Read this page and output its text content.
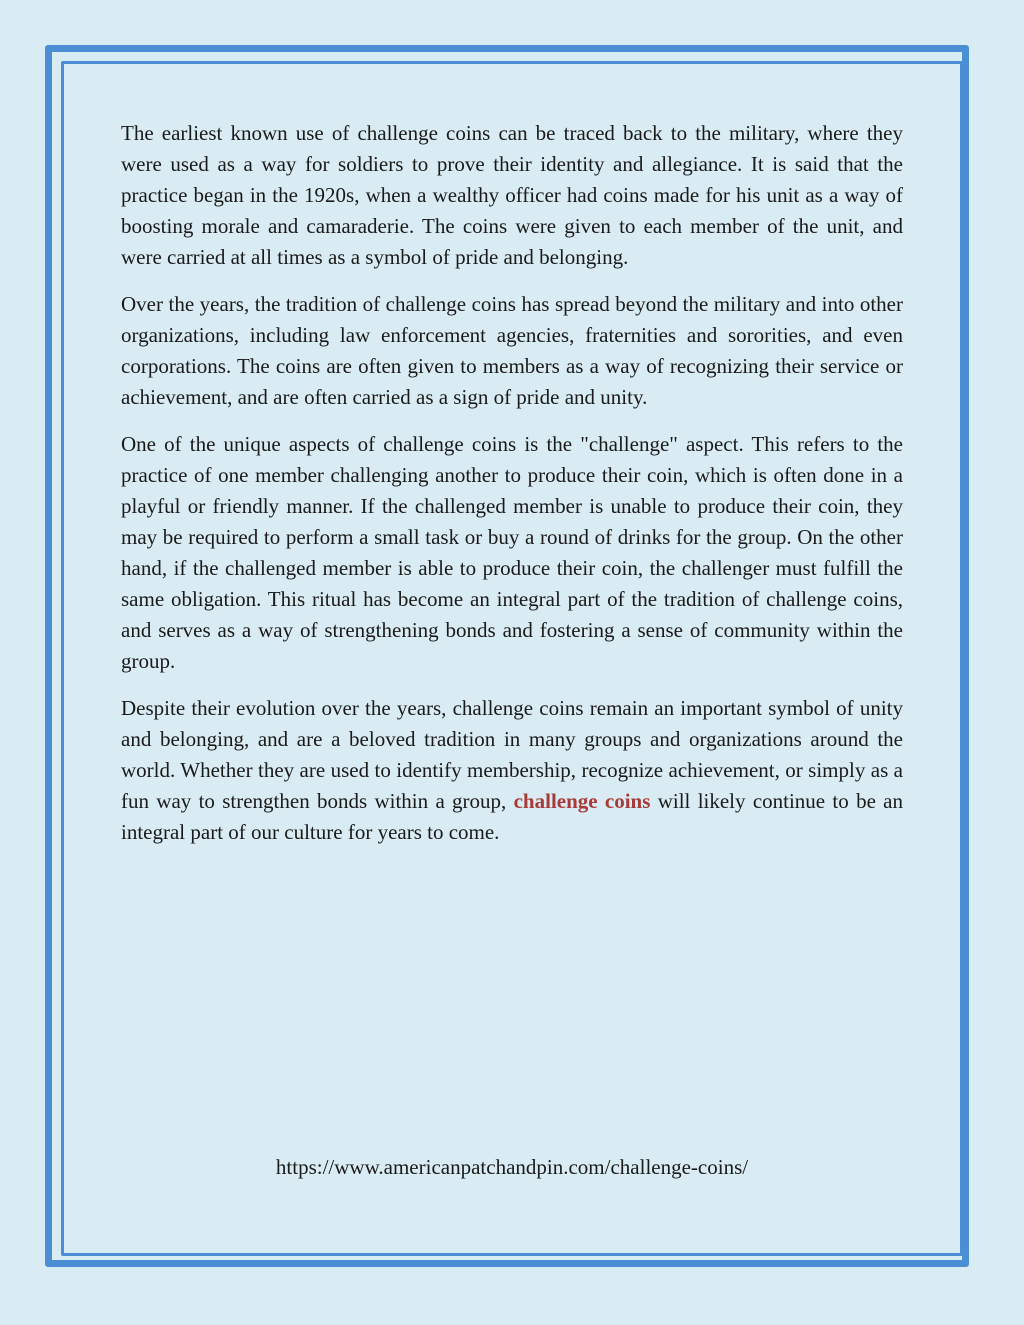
The earliest known use of challenge coins can be traced back to the military, where they were used as a way for soldiers to prove their identity and allegiance. It is said that the practice began in the 1920s, when a wealthy officer had coins made for his unit as a way of boosting morale and camaraderie. The coins were given to each member of the unit, and were carried at all times as a symbol of pride and belonging.

Over the years, the tradition of challenge coins has spread beyond the military and into other organizations, including law enforcement agencies, fraternities and sororities, and even corporations. The coins are often given to members as a way of recognizing their service or achievement, and are often carried as a sign of pride and unity.

One of the unique aspects of challenge coins is the "challenge" aspect. This refers to the practice of one member challenging another to produce their coin, which is often done in a playful or friendly manner. If the challenged member is unable to produce their coin, they may be required to perform a small task or buy a round of drinks for the group. On the other hand, if the challenged member is able to produce their coin, the challenger must fulfill the same obligation. This ritual has become an integral part of the tradition of challenge coins, and serves as a way of strengthening bonds and fostering a sense of community within the group.

Despite their evolution over the years, challenge coins remain an important symbol of unity and belonging, and are a beloved tradition in many groups and organizations around the world. Whether they are used to identify membership, recognize achievement, or simply as a fun way to strengthen bonds within a group, challenge coins will likely continue to be an integral part of our culture for years to come.

https://www.americanpatchandpin.com/challenge-coins/
